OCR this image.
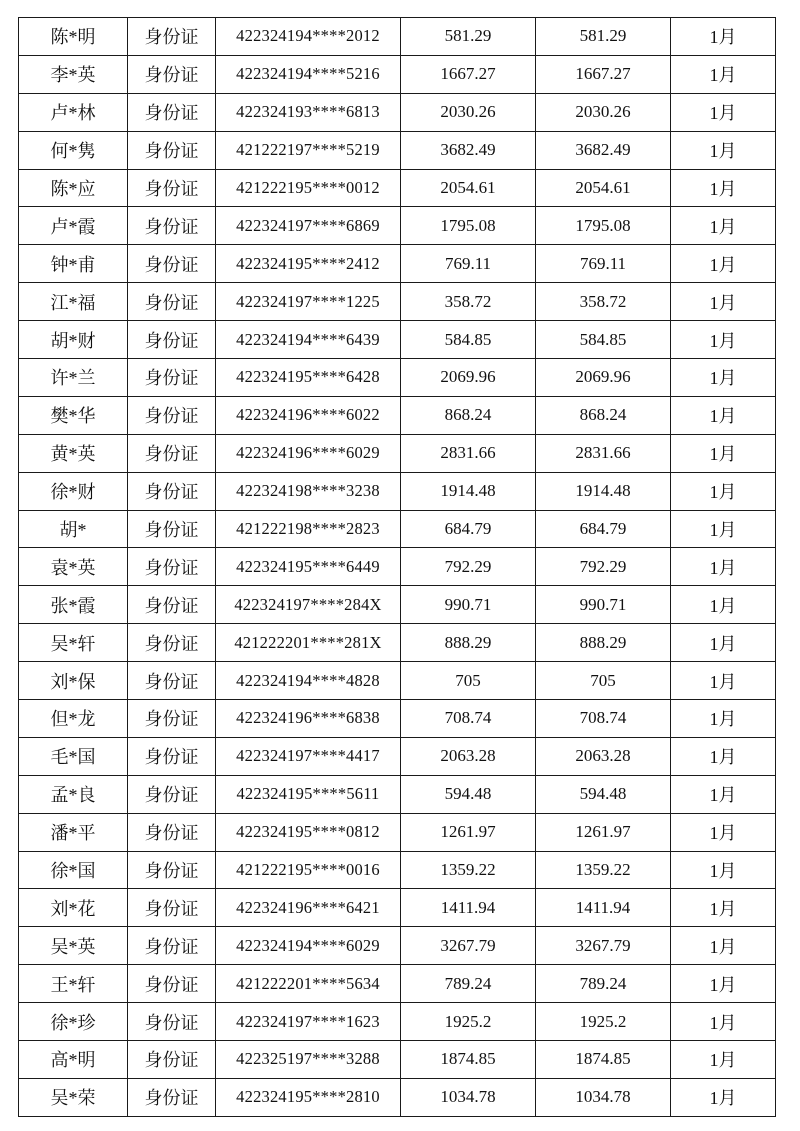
陈*明	身份证	422324194****2012	581.29	581.29	1月
李*英	身份证	422324194****5216	1667.27	1667.27	1月
卢*林	身份证	422324193****6813	2030.26	2030.26	1月
何*隽	身份证	421222197****5219	3682.49	3682.49	1月
陈*应	身份证	421222195****0012	2054.61	2054.61	1月
卢*霞	身份证	422324197****6869	1795.08	1795.08	1月
钟*甫	身份证	422324195****2412	769.11	769.11	1月
江*福	身份证	422324197****1225	358.72	358.72	1月
胡*财	身份证	422324194****6439	584.85	584.85	1月
许*兰	身份证	422324195****6428	2069.96	2069.96	1月
樊*华	身份证	422324196****6022	868.24	868.24	1月
黄*英	身份证	422324196****6029	2831.66	2831.66	1月
徐*财	身份证	422324198****3238	1914.48	1914.48	1月
胡*	身份证	421222198****2823	684.79	684.79	1月
袁*英	身份证	422324195****6449	792.29	792.29	1月
张*霞	身份证	422324197****284X	990.71	990.71	1月
吴*轩	身份证	421222201****281X	888.29	888.29	1月
刘*保	身份证	422324194****4828	705	705	1月
但*龙	身份证	422324196****6838	708.74	708.74	1月
毛*国	身份证	422324197****4417	2063.28	2063.28	1月
孟*良	身份证	422324195****5611	594.48	594.48	1月
潘*平	身份证	422324195****0812	1261.97	1261.97	1月
徐*国	身份证	421222195****0016	1359.22	1359.22	1月
刘*花	身份证	422324196****6421	1411.94	1411.94	1月
吴*英	身份证	422324194****6029	3267.79	3267.79	1月
王*轩	身份证	421222201****5634	789.24	789.24	1月
徐*珍	身份证	422324197****1623	1925.2	1925.2	1月
高*明	身份证	422325197****3288	1874.85	1874.85	1月
吴*荣	身份证	422324195****2810	1034.78	1034.78	1月
